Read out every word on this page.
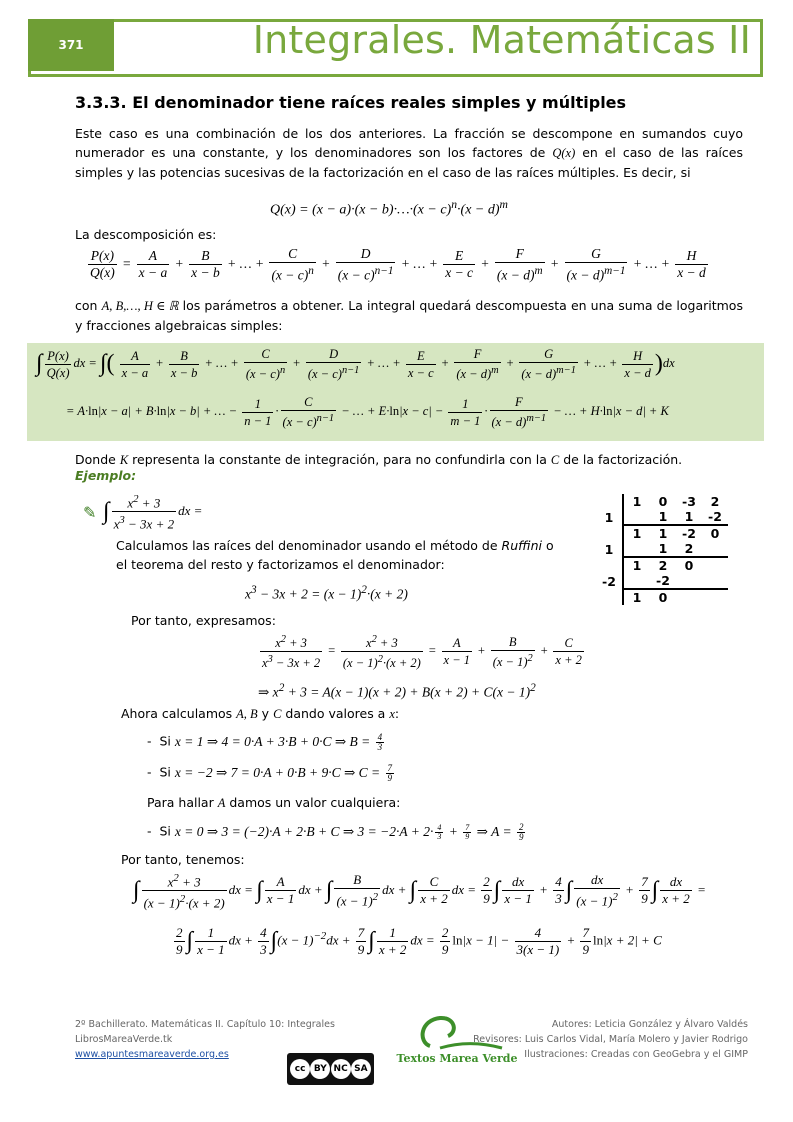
371	Integrales. Matemáticas II
3.3.3. El denominador tiene raíces reales simples y múltiples
Este caso es una combinación de los dos anteriores. La fracción se descompone en sumandos cuyo numerador es una constante, y los denominadores son los factores de Q(x) en el caso de las raíces simples y las potencias sucesivas de la factorización en el caso de las raíces múltiples. Es decir, si
Q(x) = (x − a)·(x − b)·…·(x − $c)^n\cdot(x - d)^m$
La descomposición es:
$\frac{P(x)}{Q(x)} = \frac{A}{x - a} + \frac{B}{x - b}$ + … + $\frac{C}{(x - c)^n} + \frac{D}{(x - c)^{n-1}}$ + … + $\frac{E}{x - c} + \frac{F}{(x - d)^m} + \frac{G}{(x - d)^{m-1}}$ + … + $\frac{H}{x - d}$
con A, B,…, H ∈ ℝ los parámetros a obtener. La integral quedará descompuesta en una suma de logaritmos y fracciones algebraicas simples:
∫ $\frac{P(x)}{Q(x)}$ dx = ∫( $\frac{A}{x - a} + \frac{B}{x - b}$ + … + $\frac{C}{(x - c)^n} + \frac{D}{(x - c)^{n-1}}$ + … + $\frac{E}{x - c} + \frac{F}{(x - d)^m} + \frac{G}{(x - d)^{m-1}}$ + … + $\frac{H}{x - d} )dx$
= A·ln|x − a| + B·ln|x − b| + … − $\frac{1}{n - 1} \cdot \frac{C}{(x - c)^{n-1}}$ − … + $E\cdot\ln|x - c| - \frac{1}{m - 1} \cdot \frac{F}{(x - d)^{m-1}}$ − … + H·ln|x − d| + K
Donde K representa la constante de integración, para no confundirla con la C de la factorización.
Ejemplo:
✎ ∫ $\frac{x^2 + 3}{x^3 - 3x + 2}$ dx =
	1	0	-3	2
1		1	1	-2
	1	1	-2	0
1		1	2	
	1	2	0	
-2		-2		
	1	0		
Calculamos las raíces del denominador usando el método de Ruffini o
el teorema del resto y factorizamos el denominador:
$x^3 - 3x + 2 = (x - 1)^2\cdot(x + 2)$
Por tanto, expresamos:
$\frac{x^2 + 3}{x^3 - 3x + 2} = \frac{x^2 + 3}{(x - 1)^2\cdot(x + 2)} = \frac{A}{x - 1} + \frac{B}{(x - 1)^2} + \frac{C}{x + 2}$
⇒ $x^2 + 3 = A(x - 1)(x + 2) + B(x + 2) + C(x - 1)^2$
Ahora calculamos A, B y C dando valores a x:
- Si x = 1 ⇒ 4 = 0·A + 3·B + 0·C ⇒ $B = \frac{4}{3}$
- Si x = −2 ⇒ 7 = 0·A + 0·B + 9·C ⇒ $C = \frac{7}{9}$
Para hallar A damos un valor cualquiera:
- Si x = 0 ⇒ 3 = (−2)·A + 2·B + C ⇒ $3 = -2\cdot A + 2\cdot \frac{4}{3} + \frac{7}{9}$ ⇒ $A = \frac{2}{9}$
Por tanto, tenemos:
∫ $\frac{x^2 + 3}{(x - 1)^2\cdot(x + 2)}$ dx = ∫ $\frac{A}{x - 1}$ dx + ∫ $\frac{B}{(x - 1)^2}$ dx + ∫ $\frac{C}{x + 2}$ dx = $\frac{2}{9}$ ∫ $\frac{dx}{x - 1} + \frac{4}{3}$ ∫ $\frac{dx}{(x - 1)^2} + \frac{7}{9}$ ∫ $\frac{dx}{x + 2}$ =
$\frac{2}{9}$ ∫ $\frac{1}{x - 1}$ dx + $\frac{4}{3} \int(x - 1)^{-2}dx + \frac{7}{9}$ ∫ $\frac{1}{x + 2}$ dx = $\frac{2}{9} \ln|x - 1| - \frac{4}{3(x - 1)} + \frac{7}{9} \ln|x + 2| + C$
2º Bachillerato. Matemáticas II. Capítulo 10: Integrales
LibrosMareaVerde.tk
www.apuntesmareaverde.org.es	Textos Marea Verde
cc BY NC SA
Autores: Leticia González y Álvaro Valdés
Revisores: Luis Carlos Vidal, María Molero y Javier Rodrigo
Ilustraciones: Creadas con GeoGebra y el GIMP
